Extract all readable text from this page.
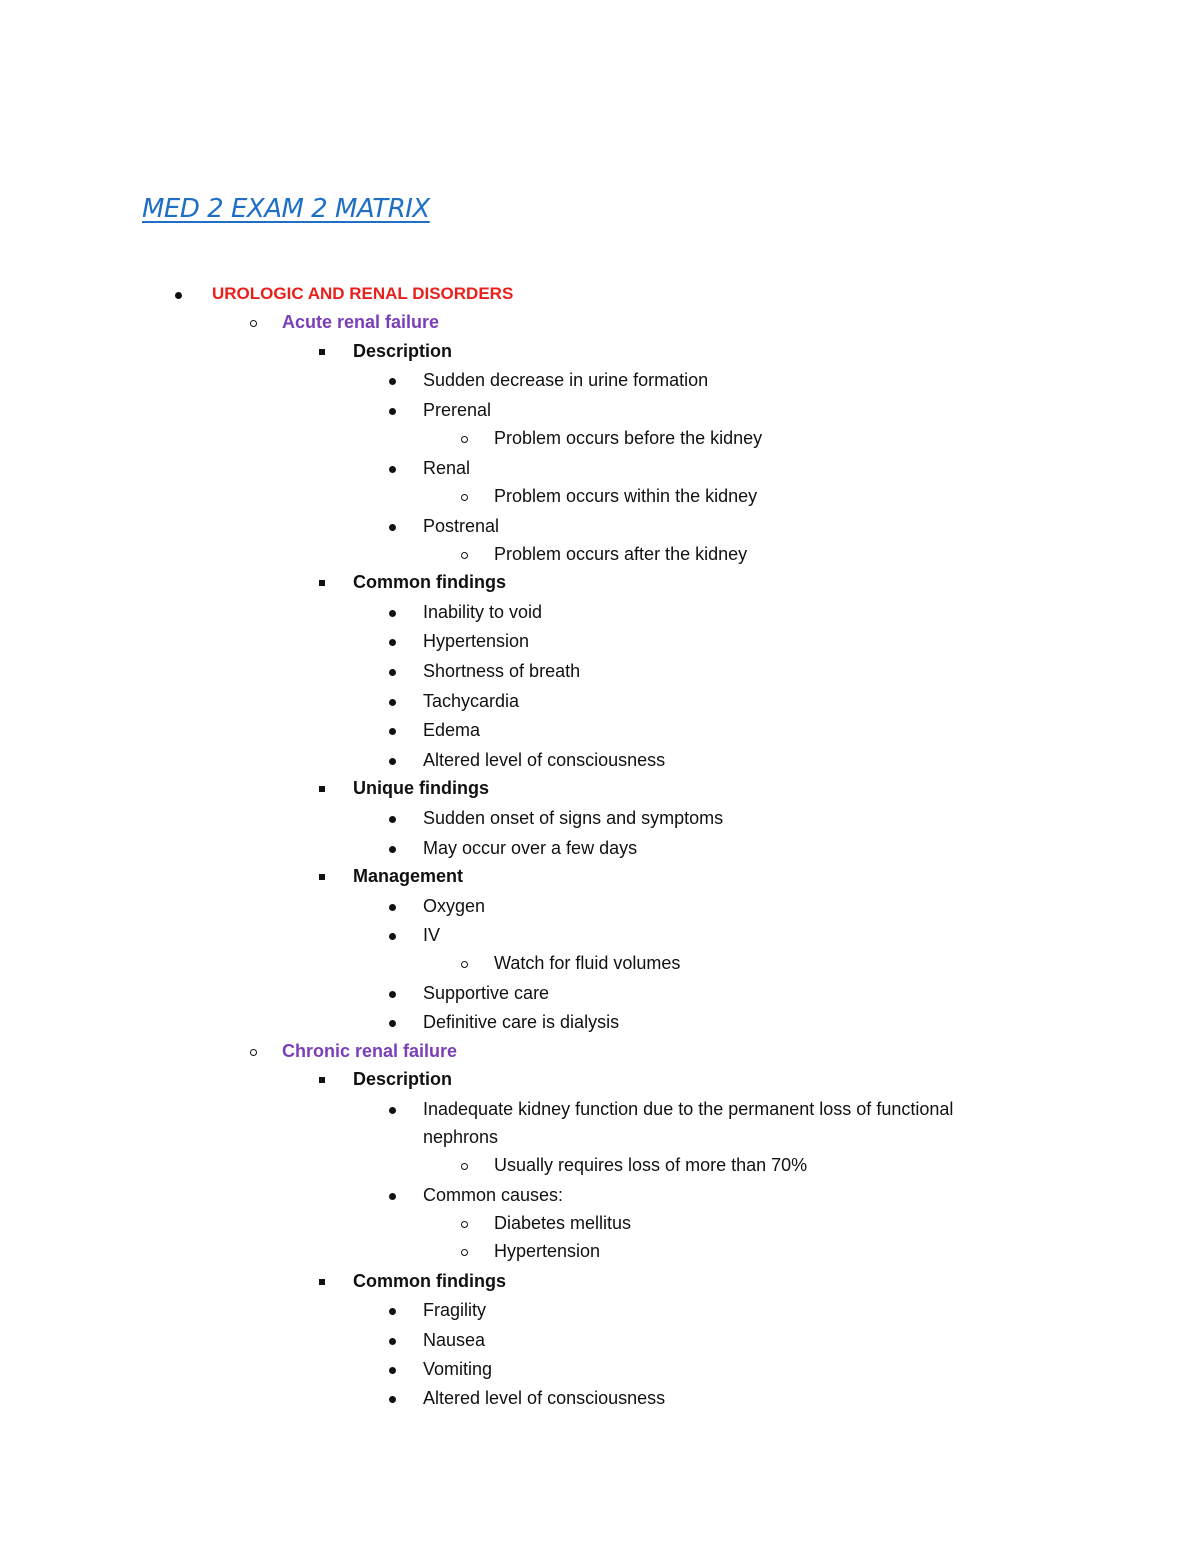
MED 2 EXAM 2 MATRIX
UROLOGIC AND RENAL DISORDERS
Acute renal failure
Description
Sudden decrease in urine formation
Prerenal
Problem occurs before the kidney
Renal
Problem occurs within the kidney
Postrenal
Problem occurs after the kidney
Common findings
Inability to void
Hypertension
Shortness of breath
Tachycardia
Edema
Altered level of consciousness
Unique findings
Sudden onset of signs and symptoms
May occur over a few days
Management
Oxygen
IV
Watch for fluid volumes
Supportive care
Definitive care is dialysis
Chronic renal failure
Description
Inadequate kidney function due to the permanent loss of functional
nephrons
Usually requires loss of more than 70%
Common causes:
Diabetes mellitus
Hypertension
Common findings
Fragility
Nausea
Vomiting
Altered level of consciousness
